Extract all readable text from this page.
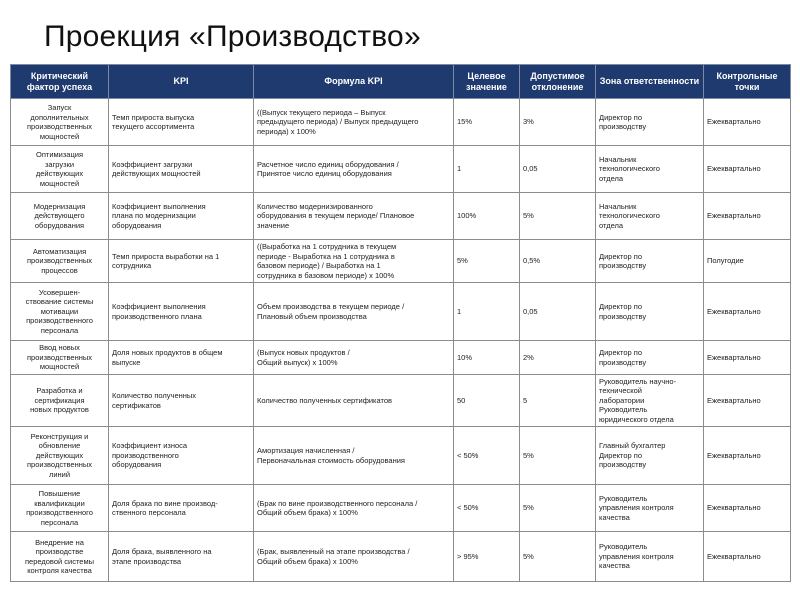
Проекция «Производство»
Критический фактор успеха	KPI	Формула KPI	Целевое значение	Допустимое отклонение	Зона ответственности	Контрольные точки

Запуск
дополнительных
производственных
мощностей	Темп прироста выпуска
текущего ассортимента	((Выпуск текущего периода – Выпуск
предыдущего периода) / Выпуск предыдущего
периода) x 100%	15%	3%	Директор по
производству	Ежеквартально

Оптимизация
загрузки
действующих
мощностей	Коэффициент загрузки
действующих мощностей	Расчетное число единиц оборудования /
Принятое число единиц оборудования	1	0,05	Начальник
технологического
отдела	Ежеквартально

Модернизация
действующего
оборудования	Коэффициент выполнения
плана по модернизации
оборудования	Количество модернизированного
оборудования в текущем периоде/ Плановое
значение	100%	5%	Начальник
технологического
отдела	Ежеквартально

Автоматизация
производственных
процессов	Темп прироста выработки на 1
сотрудника	((Выработка на 1 сотрудника в текущем
периоде - Выработка на 1 сотрудника в
базовом периоде) / Выработка на 1
сотрудника в базовом периоде) x 100%	5%	0,5%	Директор по
производству	Полугодие

Усовершен-
ствование системы
мотивации
производственного
персонала	Коэффициент выполнения
производственного плана	Объем производства в текущем периоде /
Плановый объем производства	1	0,05	Директор по
производству	Ежеквартально

Ввод новых
производственных
мощностей	Доля новых продуктов в общем
выпуске	(Выпуск новых продуктов /
Общий выпуск) x 100%	10%	2%	Директор по
производству	Ежеквартально

Разработка и
сертификация
новых продуктов	Количество полученных
сертификатов	Количество полученных сертификатов	50	5	Руководитель научно-
технической
лаборатории
Руководитель
юридического отдела	Ежеквартально

Реконструкция и
обновление
действующих
производственных
линий	Коэффициент износа
производственного
оборудования	Амортизация начисленная /
Первоначальная стоимость оборудования	< 50%	5%	Главный бухгалтер
Директор по
производству	Ежеквартально

Повышение
квалификации
производственного
персонала	Доля брака по вине производ-
ственного персонала	(Брак по вине производственного персонала /
Общий объем брака) x 100%	< 50%	5%	Руководитель
управления контроля
качества	Ежеквартально

Внедрение на
производстве
передовой системы
контроля качества	Доля брака, выявленного на
этапе производства	(Брак, выявленный на этапе производства /
Общий объем брака) x 100%	> 95%	5%	Руководитель
управления контроля
качества	Ежеквартально
